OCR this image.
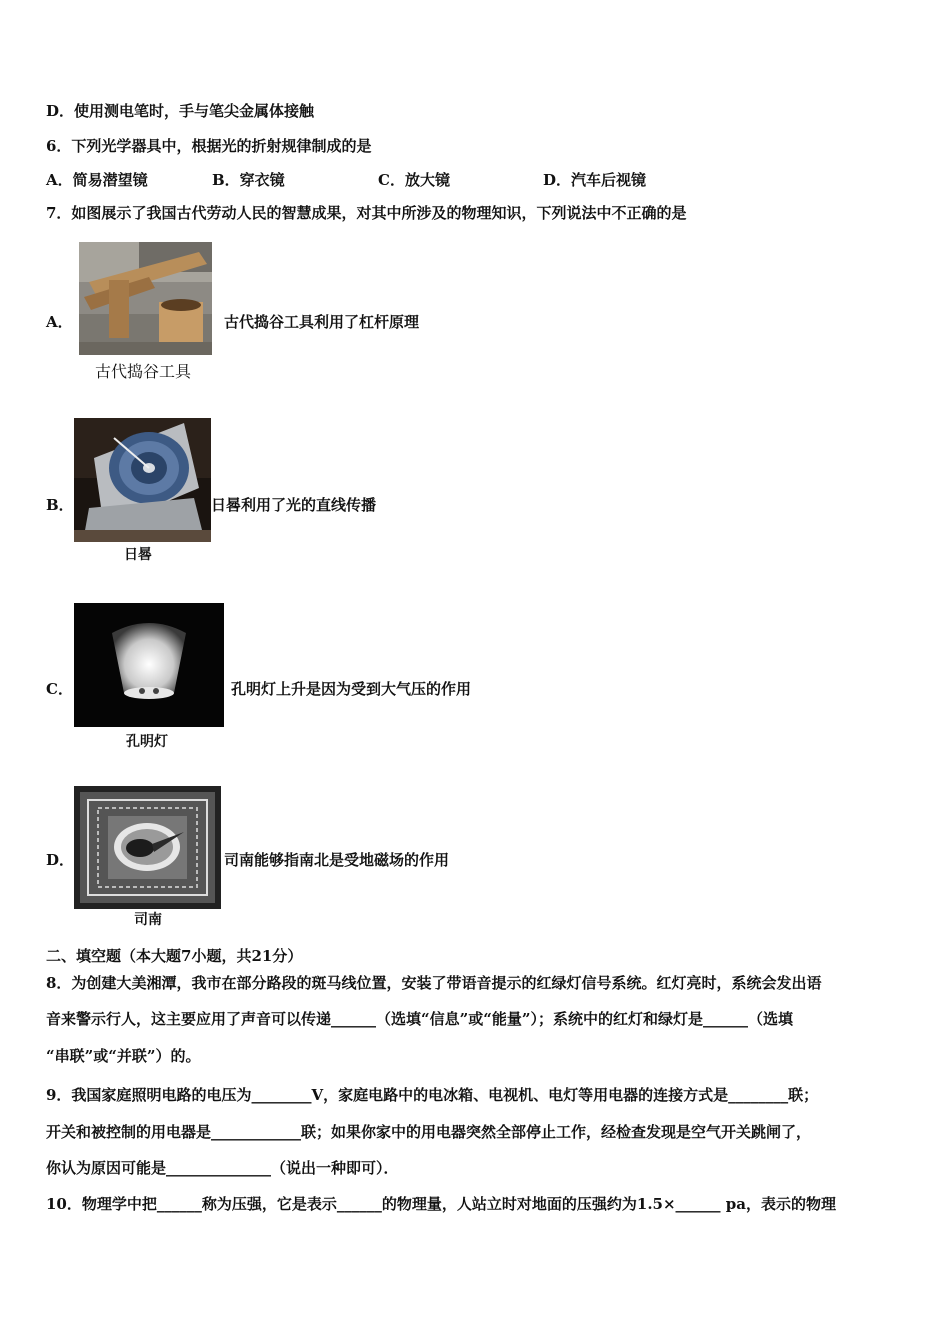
D．使用测电笔时，手与笔尖金属体接触
6．下列光学器具中，根据光的折射规律制成的是
A．简易潜望镜	B．穿衣镜	C．放大镜	D．汽车后视镜
7．如图展示了我国古代劳动人民的智慧成果，对其中所涉及的物理知识，下列说法中不正确的是
A．
古代捣谷工具
古代捣谷工具利用了杠杆原理
B．
日晷
日晷利用了光的直线传播
C．
孔明灯
孔明灯上升是因为受到大气压的作用
D．
司南
司南能够指南北是受地磁场的作用
二、填空题（本大题7小题，共21分）
8．为创建大美湘潭，我市在部分路段的斑马线位置，安装了带语音提示的红绿灯信号系统。红灯亮时，系统会发出语
音来警示行人，这主要应用了声音可以传递______（选填“信息”或“能量”）；系统中的红灯和绿灯是______（选填
“串联”或“并联”）的。
9．我国家庭照明电路的电压为________V，家庭电路中的电冰箱、电视机、电灯等用电器的连接方式是________联；
开关和被控制的用电器是____________联；如果你家中的用电器突然全部停止工作，经检查发现是空气开关跳闸了，
你认为原因可能是______________（说出一种即可）．
10．物理学中把______称为压强，它是表示______的物理量，人站立时对地面的压强约为1.5×______ pa，表示的物理
